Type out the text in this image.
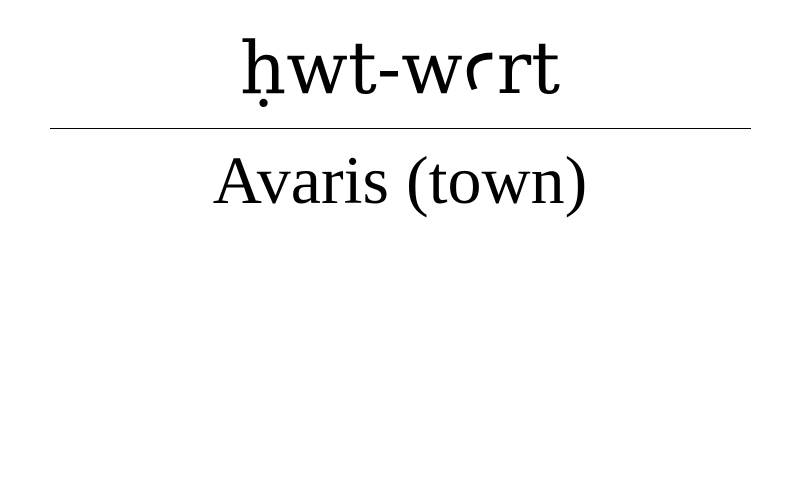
ḥwt-wꜥrt
Avaris (town)
